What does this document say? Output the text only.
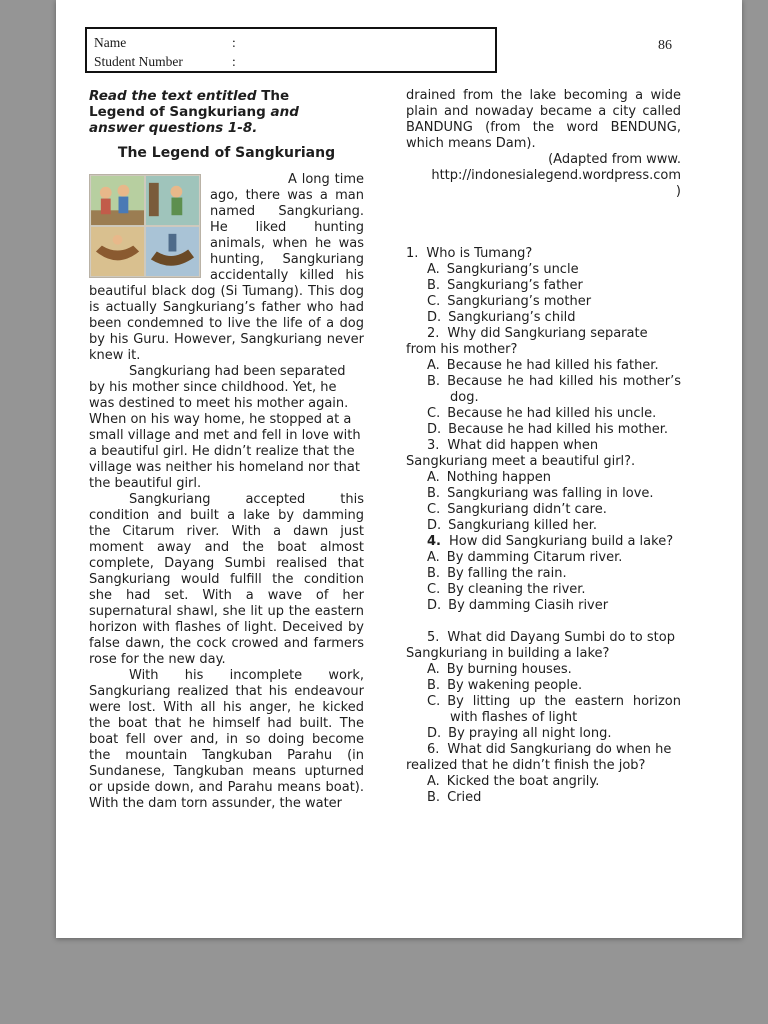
Name	:
Student Number	:
86

Read the text entitled The Legend of Sangkuriang and answer questions 1-8.

The Legend of Sangkuriang

A long time ago, there was a man named Sangkuriang. He liked hunting animals, when he was hunting, Sangkuriang accidentally killed his beautiful black dog (Si Tumang). This dog is actually Sangkuriang’s father who had been condemned to live the life of a dog by his Guru. However, Sangkuriang never knew it.

Sangkuriang had been separated by his mother since childhood. Yet, he was destined to meet his mother again. When on his way home, he stopped at a small village and met and fell in love with a beautiful girl. He didn’t realize that the village was neither his homeland nor that the beautiful girl.

Sangkuriang accepted this condition and built a lake by damming the Citarum river. With a dawn just moment away and the boat almost complete, Dayang Sumbi realised that Sangkuriang would fulfill the condition she had set. With a wave of her supernatural shawl, she lit up the eastern horizon with flashes of light. Deceived by false dawn, the cock crowed and farmers rose for the new day.

With his incomplete work, Sangkuriang realized that his endeavour were lost. With all his anger, he kicked the boat that he himself had built. The boat fell over and, in so doing become the mountain Tangkuban Parahu (in Sundanese, Tangkuban means upturned or upside down, and Parahu means boat). With the dam torn assunder, the water

drained from the lake becoming a wide plain and nowaday became a city called BANDUNG (from the word BENDUNG, which means Dam).

(Adapted from www.
http://indonesialegend.wordpress.com
)

1. Who is Tumang?

A. Sangkuriang’s uncle

B. Sangkuriang’s father

C. Sangkuriang’s mother

D. Sangkuriang’s child

2. Why did Sangkuriang separate from his mother?

A. Because he had killed his father.

B. Because he had killed his mother’s dog.

C. Because he had killed his uncle.

D. Because he had killed his mother.

3. What did happen when Sangkuriang meet a beautiful girl?.

A. Nothing happen

B. Sangkuriang was falling in love.

C. Sangkuriang didn’t care.

D. Sangkuriang killed her.

4. How did Sangkuriang build a lake?

A. By damming Citarum river.

B. By falling the rain.

C. By cleaning the river.

D. By damming Ciasih river

5. What did Dayang Sumbi do to stop Sangkuriang in building a lake?

A. By burning houses.

B. By wakening people.

C. By litting up the eastern horizon with flashes of light

D. By praying all night long.

6. What did Sangkuriang do when he realized that he didn’t finish the job?

A. Kicked the boat angrily.

B. Cried
